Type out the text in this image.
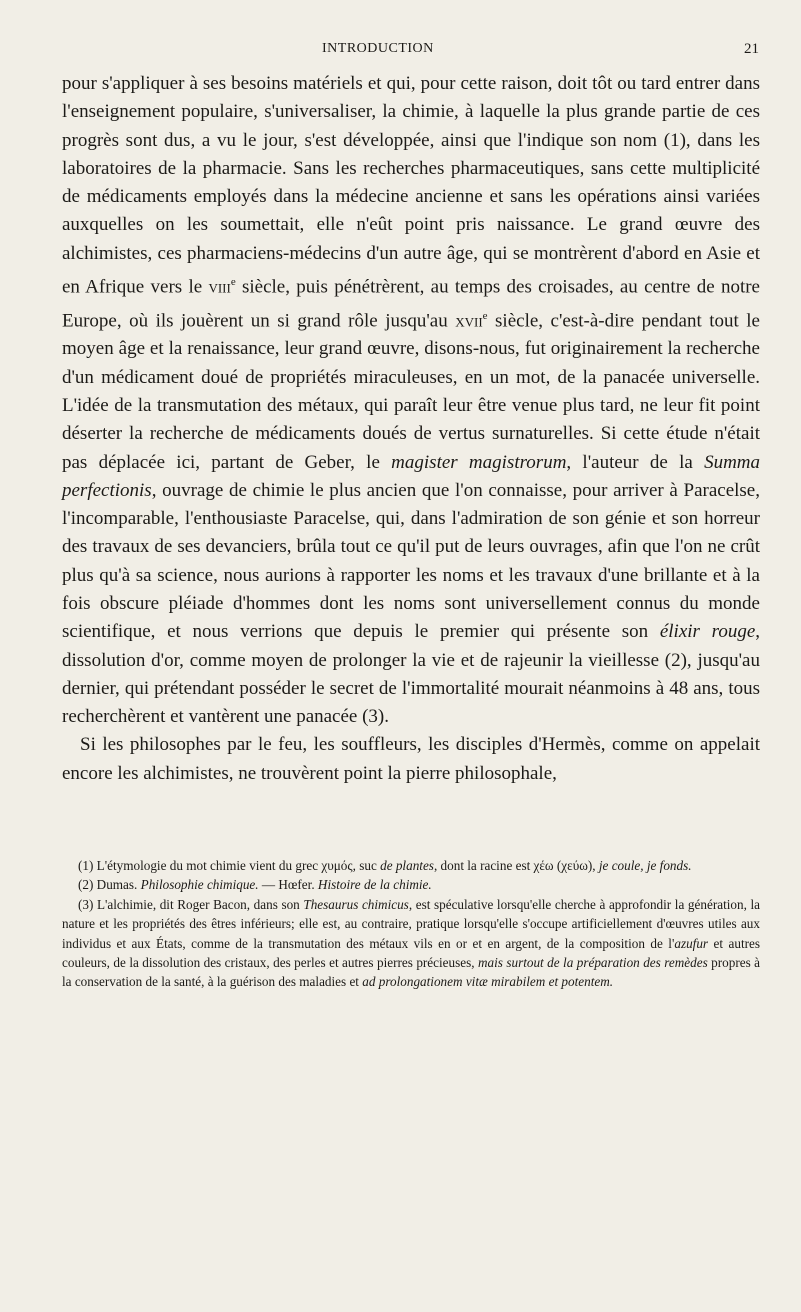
INTRODUCTION	21

pour s'appliquer à ses besoins matériels et qui, pour cette raison, doit tôt ou tard entrer dans l'enseignement populaire, s'universaliser, la chimie, à laquelle la plus grande partie de ces progrès sont dus, a vu le jour, s'est développée, ainsi que l'indique son nom (1), dans les laboratoires de la pharmacie. Sans les recherches pharmaceutiques, sans cette multiplicité de médicaments employés dans la médecine ancienne et sans les opérations ainsi variées auxquelles on les soumettait, elle n'eût point pris naissance. Le grand œuvre des alchimistes, ces pharmaciens-médecins d'un autre âge, qui se montrèrent d'abord en Asie et en Afrique vers le viii$^e$ siècle, puis pénétrèrent, au temps des croisades, au centre de notre Europe, où ils jouèrent un si grand rôle jusqu'au xvii$^e$ siècle, c'est-à-dire pendant tout le moyen âge et la renaissance, leur grand œuvre, disons-nous, fut originairement la recherche d'un médicament doué de propriétés miraculeuses, en un mot, de la panacée universelle. L'idée de la transmutation des métaux, qui paraît leur être venue plus tard, ne leur fit point déserter la recherche de médicaments doués de vertus surnaturelles. Si cette étude n'était pas déplacée ici, partant de Geber, le magister magistrorum, l'auteur de la Summa perfectionis, ouvrage de chimie le plus ancien que l'on connaisse, pour arriver à Paracelse, l'incomparable, l'enthousiaste Paracelse, qui, dans l'admiration de son génie et son horreur des travaux de ses devanciers, brûla tout ce qu'il put de leurs ouvrages, afin que l'on ne crût plus qu'à sa science, nous aurions à rapporter les noms et les travaux d'une brillante et à la fois obscure pléiade d'hommes dont les noms sont universellement connus du monde scientifique, et nous verrions que depuis le premier qui présente son élixir rouge, dissolution d'or, comme moyen de prolonger la vie et de rajeunir la vieillesse (2), jusqu'au dernier, qui prétendant posséder le secret de l'immortalité mourait néanmoins à 48 ans, tous recherchèrent et vantèrent une panacée (3).

Si les philosophes par le feu, les souffleurs, les disciples d'Hermès, comme on appelait encore les alchimistes, ne trouvèrent point la pierre philosophale,

(1) L'étymologie du mot chimie vient du grec χυμός, suc de plantes, dont la racine est χέω (χεύω), je coule, je fonds.

(2) Dumas. Philosophie chimique. — Hœfer. Histoire de la chimie.

(3) L'alchimie, dit Roger Bacon, dans son Thesaurus chimicus, est spéculative lorsqu'elle cherche à approfondir la génération, la nature et les propriétés des êtres inférieurs; elle est, au contraire, pratique lorsqu'elle s'occupe artificiellement d'œuvres utiles aux individus et aux États, comme de la transmutation des métaux vils en or et en argent, de la composition de l'azufur et autres couleurs, de la dissolution des cristaux, des perles et autres pierres précieuses, mais surtout de la préparation des remèdes propres à la conservation de la santé, à la guérison des maladies et ad prolongationem vitæ mirabilem et potentem.
